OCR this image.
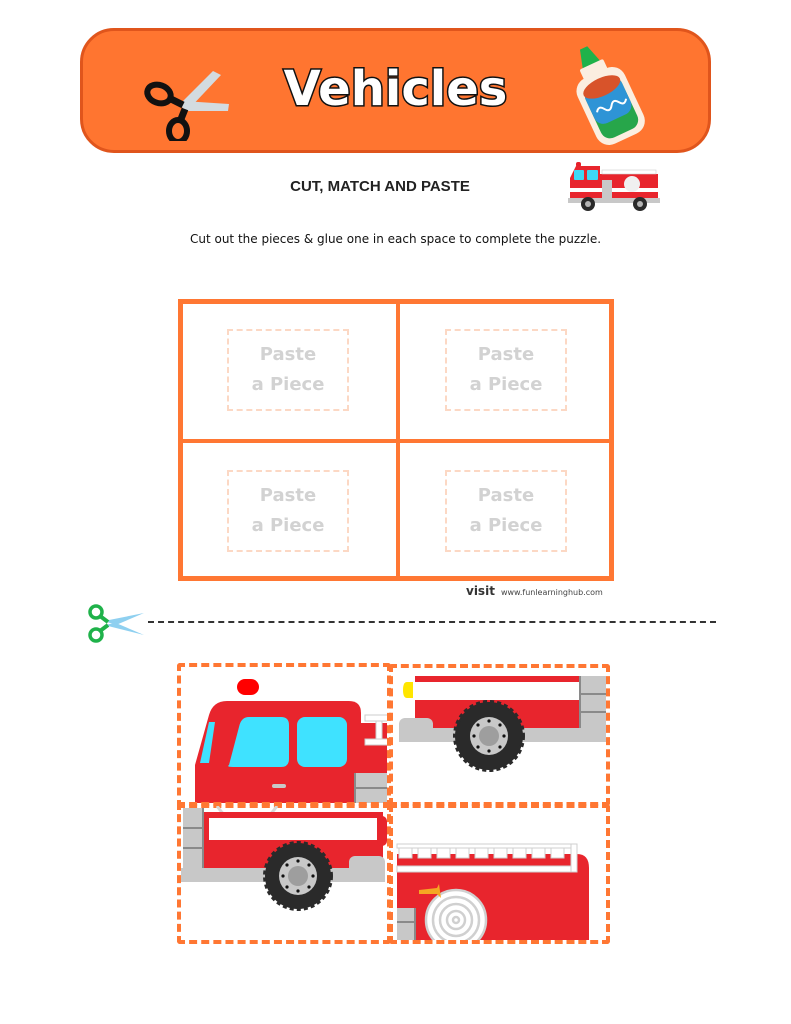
Vehicles
CUT, MATCH AND PASTE
Cut out the pieces & glue one in each space to complete the puzzle.
Paste
a Piece
Paste
a Piece
Paste
a Piece
Paste
a Piece
visit www.funlearninghub.com
